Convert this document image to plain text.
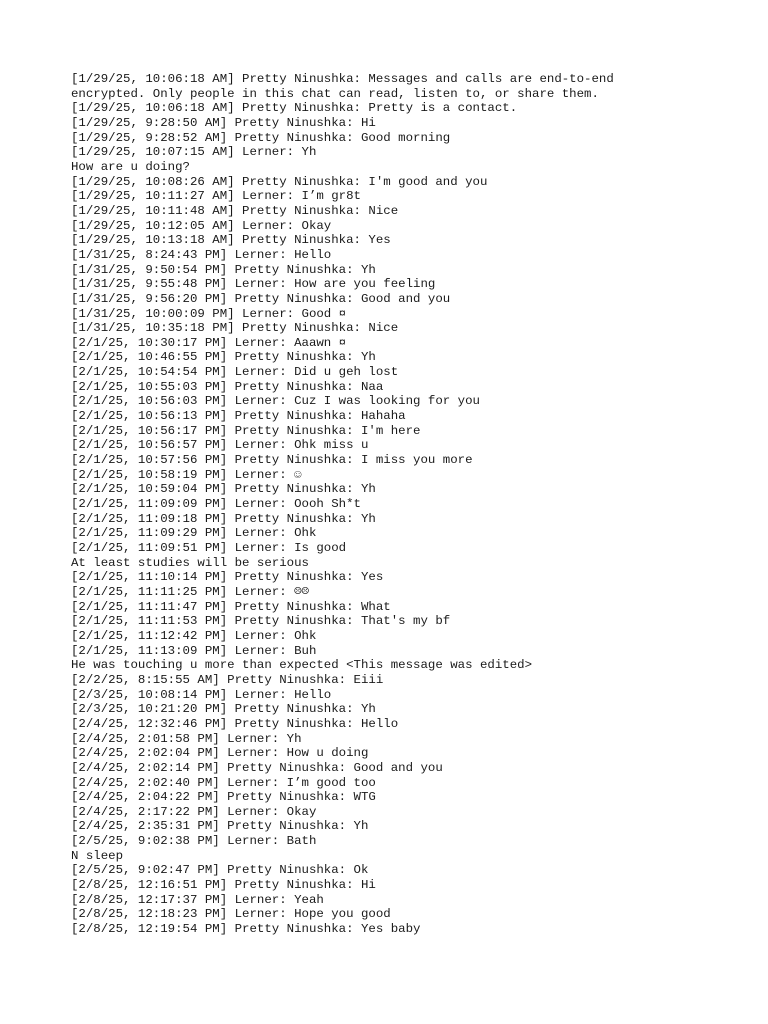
[1/29/25, 10:06:18 AM] Pretty Ninushka: Messages and calls are end-to-end
encrypted. Only people in this chat can read, listen to, or share them.
[1/29/25, 10:06:18 AM] Pretty Ninushka: Pretty is a contact.
[1/29/25, 9:28:50 AM] Pretty Ninushka: Hi
[1/29/25, 9:28:52 AM] Pretty Ninushka: Good morning
[1/29/25, 10:07:15 AM] Lerner: Yh
How are u doing?
[1/29/25, 10:08:26 AM] Pretty Ninushka: I'm good and you
[1/29/25, 10:11:27 AM] Lerner: I’m gr8t
[1/29/25, 10:11:48 AM] Pretty Ninushka: Nice
[1/29/25, 10:12:05 AM] Lerner: Okay
[1/29/25, 10:13:18 AM] Pretty Ninushka: Yes
[1/31/25, 8:24:43 PM] Lerner: Hello
[1/31/25, 9:50:54 PM] Pretty Ninushka: Yh
[1/31/25, 9:55:48 PM] Lerner: How are you feeling
[1/31/25, 9:56:20 PM] Pretty Ninushka: Good and you
[1/31/25, 10:00:09 PM] Lerner: Good ¤
[1/31/25, 10:35:18 PM] Pretty Ninushka: Nice
[2/1/25, 10:30:17 PM] Lerner: Aaawn ¤
[2/1/25, 10:46:55 PM] Pretty Ninushka: Yh
[2/1/25, 10:54:54 PM] Lerner: Did u geh lost
[2/1/25, 10:55:03 PM] Pretty Ninushka: Naa
[2/1/25, 10:56:03 PM] Lerner: Cuz I was looking for you
[2/1/25, 10:56:13 PM] Pretty Ninushka: Hahaha
[2/1/25, 10:56:17 PM] Pretty Ninushka: I'm here
[2/1/25, 10:56:57 PM] Lerner: Ohk miss u
[2/1/25, 10:57:56 PM] Pretty Ninushka: I miss you more
[2/1/25, 10:58:19 PM] Lerner: ☺
[2/1/25, 10:59:04 PM] Pretty Ninushka: Yh
[2/1/25, 11:09:09 PM] Lerner: Oooh Sh*t
[2/1/25, 11:09:18 PM] Pretty Ninushka: Yh
[2/1/25, 11:09:29 PM] Lerner: Ohk
[2/1/25, 11:09:51 PM] Lerner: Is good
At least studies will be serious
[2/1/25, 11:10:14 PM] Pretty Ninushka: Yes
[2/1/25, 11:11:25 PM] Lerner: ☹☹
[2/1/25, 11:11:47 PM] Pretty Ninushka: What
[2/1/25, 11:11:53 PM] Pretty Ninushka: That's my bf
[2/1/25, 11:12:42 PM] Lerner: Ohk
[2/1/25, 11:13:09 PM] Lerner: Buh
He was touching u more than expected <This message was edited>
[2/2/25, 8:15:55 AM] Pretty Ninushka: Eiii
[2/3/25, 10:08:14 PM] Lerner: Hello
[2/3/25, 10:21:20 PM] Pretty Ninushka: Yh
[2/4/25, 12:32:46 PM] Pretty Ninushka: Hello
[2/4/25, 2:01:58 PM] Lerner: Yh
[2/4/25, 2:02:04 PM] Lerner: How u doing
[2/4/25, 2:02:14 PM] Pretty Ninushka: Good and you
[2/4/25, 2:02:40 PM] Lerner: I’m good too
[2/4/25, 2:04:22 PM] Pretty Ninushka: WTG
[2/4/25, 2:17:22 PM] Lerner: Okay
[2/4/25, 2:35:31 PM] Pretty Ninushka: Yh
[2/5/25, 9:02:38 PM] Lerner: Bath
N sleep
[2/5/25, 9:02:47 PM] Pretty Ninushka: Ok
[2/8/25, 12:16:51 PM] Pretty Ninushka: Hi
[2/8/25, 12:17:37 PM] Lerner: Yeah
[2/8/25, 12:18:23 PM] Lerner: Hope you good
[2/8/25, 12:19:54 PM] Pretty Ninushka: Yes baby
